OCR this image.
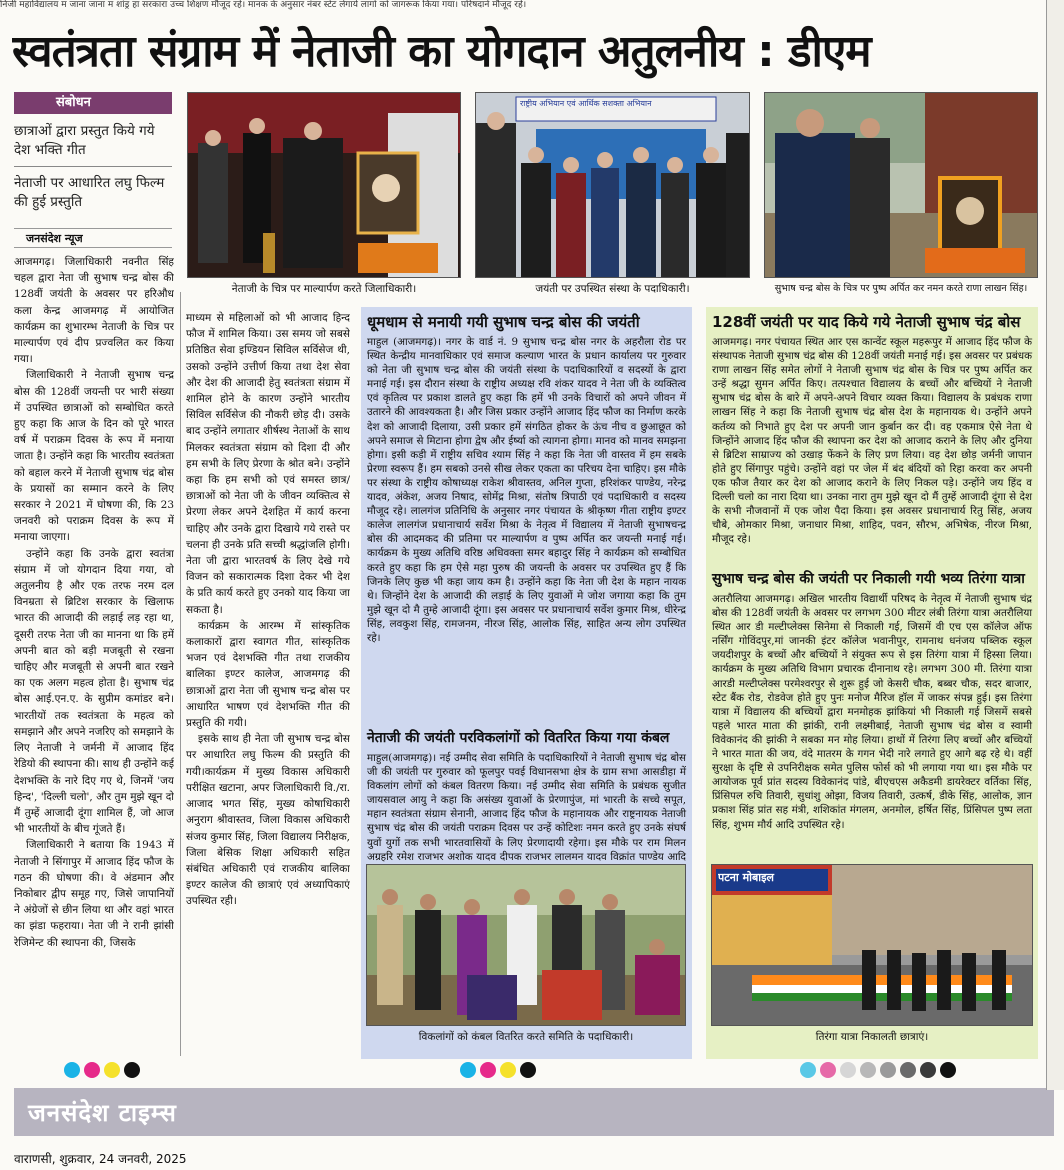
निजी महाविद्यालय म जाना जाना म शांड्र हा सरकारा उच्च शिक्षण मौजूद रहे। मानक के अनुसार नंबर स्टेट लेगाये लागो को जागरूक किया गया। परिषदाने मौजूद रहे।
स्वतंत्रता संग्राम में नेताजी का योगदान अतुलनीय : डीएम
संबोधन
छात्राओं द्वारा प्रस्तुत किये गये देश भक्ति गीत
नेताजी पर आधारित लघु फिल्म की हुई प्रस्तुति
जनसंदेश न्यूज

आजमगढ़। जिलाधिकारी नवनीत सिंह चहल द्वारा नेता जी सुभाष चन्द्र बोस की 128वीं जयंती के अवसर पर हरिऔध कला केन्द्र आजमगढ़ में आयोजित कार्यक्रम का शुभारम्भ नेताजी के चित्र पर माल्यार्पण एवं दीप प्रज्वलित कर किया गया।

जिलाधिकारी ने नेताजी सुभाष चन्द्र बोस की 128वीं जयन्ती पर भारी संख्या में उपस्थित छात्राओं को सम्बोधित करते हुए कहा कि आज के दिन को पूरे भारत वर्ष में पराक्रम दिवस के रूप में मनाया जाता है। उन्होंने कहा कि भारतीय स्वतंत्रता को बहाल करने में नेताजी सुभाष चंद्र बोस के प्रयासों का सम्मान करने के लिए सरकार ने 2021 में घोषणा की, कि 23 जनवरी को पराक्रम दिवस के रूप में मनाया जाएगा।

उन्होंने कहा कि उनके द्वारा स्वतंत्रा संग्राम में जो योगदान दिया गया, वो अतुलनीय है और एक तरफ नरम दल विनम्रता से ब्रिटिश सरकार के खिलाफ भारत की आजादी की लड़ाई लड़ रहा था, दूसरी तरफ नेता जी का मानना था कि हमें अपनी बात को बड़ी मजबूती से रखना चाहिए और मजबूती से अपनी बात रखने का एक अलग महत्व होता है। सुभाष चंद्र बोस आई.एन.ए. के सुप्रीम कमांडर बने। भारतीयों तक स्वतंत्रता के महत्व को समझाने और अपने नजरिए को समझाने के लिए नेताजी ने जर्मनी में आजाद हिंद रेडियो की स्थापना की। साथ ही उन्होंने कई देशभक्ति के नारे दिए गए थे, जिनमें 'जय हिन्द', 'दिल्ली चलो', और तुम मुझे खून दो मैं तुम्हें आजादी दूंगा शामिल हैं, जो आज भी भारतीयों के बीच गूंजते हैं।

जिलाधिकारी ने बताया कि 1943 में नेताजी ने सिंगापुर में आजाद हिंद फौज के गठन की घोषणा की। वे अंडमान और निकोबार द्वीप समूह गए, जिसे जापानियों ने अंग्रेजों से छीन लिया था और वहां भारत का झंडा फहराया। नेता जी ने रानी झांसी रेजिमेन्ट की स्थापना की, जिसके

माध्यम से महिलाओं को भी आजाद हिन्द फौज में शामिल किया। उस समय जो सबसे प्रतिष्ठित सेवा इण्डियन सिविल सर्विसेज थी, उसको उन्होंने उत्तीर्ण किया तथा देश सेवा और देश की आजादी हेतु स्वतंत्रता संग्राम में शामिल होने के कारण उन्होंने भारतीय सिविल सर्विसेज की नौकरी छोड़ दी। उसके बाद उन्होंने लगातार शीर्षस्थ नेताओं के साथ मिलकर स्वतंत्रता संग्राम को दिशा दी और हम सभी के लिए प्रेरणा के श्रोत बने। उन्होंने कहा कि हम सभी को एवं समस्त छात्र/छात्राओं को नेता जी के जीवन व्यक्तित्व से प्रेरणा लेकर अपने देशहित में कार्य करना चाहिए और उनके द्वारा दिखाये गये रास्ते पर चलना ही उनके प्रति सच्ची श्रद्धांजलि होगी। नेता जी द्वारा भारतवर्ष के लिए देखे गये विजन को सकारात्मक दिशा देकर भी देश के प्रति कार्य करते हुए उनको याद किया जा सकता है।

कार्यक्रम के आरम्भ में सांस्कृतिक कलाकारों द्वारा स्वागत गीत, सांस्कृतिक भजन एवं देशभक्ति गीत तथा राजकीय बालिका इण्टर कालेज, आजमगढ़ की छात्राओं द्वारा नेता जी सुभाष चन्द्र बोस पर आधारित भाषण एवं देशभक्ति गीत की प्रस्तुति की गयी।

इसके साथ ही नेता जी सुभाष चन्द्र बोस पर आधारित लघु फिल्म की प्रस्तुति की गयी।कार्यक्रम में मुख्य विकास अधिकारी परीक्षित खटाना, अपर जिलाधिकारी वि./रा. आजाद भगत सिंह, मुख्य कोषाधिकारी अनुराग श्रीवास्तव, जिला विकास अधिकारी संजय कुमार सिंह, जिला विद्यालय निरीक्षक, जिला बेसिक शिक्षा अधिकारी सहित संबंधित अधिकारी एवं राजकीय बालिका इण्टर कालेज की छात्राएं एवं अध्यापिकाएं उपस्थित रही।

नेताजी के चित्र पर माल्यार्पण करते जिलाधिकारी।
राष्ट्रीय अभियान एवं आर्थिक सशक्ता अभियान
जयंती पर उपस्थित संस्था के पदाधिकारी।	सुभाष चन्द्र बोस के चित्र पर पुष्प अर्पित कर नमन करते राणा लाखन सिंह।
धूमधाम से मनायी गयी सुभाष चन्द्र बोस की जयंती
माहुल (आजमगढ़)। नगर के वार्ड नं. 9 सुभाष चन्द्र बोस नगर के अहरौला रोड पर स्थित केन्द्रीय मानवाधिकार एवं समाज कल्याण भारत के प्रधान कार्यालय पर गुरुवार को नेता जी सुभाष चन्द्र बोस की जयंती संस्था के पदाधिकारियों व सदस्यों के द्वारा मनाई गई। इस दौरान संस्था के राष्ट्रीय अध्यक्ष रवि शंकर यादव ने नेता जी के व्यक्तित्व एवं कृतित्व पर प्रकाश डालते हुए कहा कि हमें भी उनके विचारों को अपने जीवन में उतारने की आवश्यकता है। और जिस प्रकार उन्होंने आजाद हिंद फौज का निर्माण करके देश को आजादी दिलाया, उसी प्रकार हमें संगठित होकर के ऊंच नीच व छुआछूत को अपने समाज से मिटाना होगा द्वेष और ईर्ष्या को त्यागना होगा। मानव को मानव समझना होगा। इसी कड़ी में राष्ट्रीय सचिव श्याम सिंह ने कहा कि नेता जी वास्तव में हम सबके प्रेरणा स्वरूप हैं। हम सबको उनसे सीख लेकर एकता का परिचय देना चाहिए। इस मौके पर संस्था के राष्ट्रीय कोषाध्यक्ष राकेश श्रीवास्तव, अनिल गुप्ता, हरिशंकर पाण्डेय, नरेन्द्र यादव, अंकेश, अजय निषाद, सोमेंद्र मिश्रा, संतोष त्रिपाठी एवं पदाधिकारी व सदस्य मौजूद रहे। लालगंज प्रतिनिधि के अनुसार नगर पंचायत के श्रीकृष्ण गीता राष्ट्रीय इण्टर कालेज लालगंज प्रधानाचार्य सर्वेश मिश्रा के नेतृत्व में विद्यालय में नेताजी सुभाषचन्द्र बोस की आदमकद की प्रतिमा पर माल्यार्पण व पुष्प अर्पित कर जयन्ती मनाई गई। कार्यक्रम के मुख्य अतिथि वरिष्ठ अधिवक्ता समर बहादुर सिंह ने कार्यक्रम को सम्बोधित करते हुए कहा कि हम ऐसे महा पुरुष की जयन्ती के अवसर पर उपस्थित हुए हैं कि जिनके लिए कुछ भी कहा जाय कम है। उन्होंने कहा कि नेता जी देश के महान नायक थे। जिन्होंने देश के आजादी की लड़ाई के लिए युवाओं मे जोश जगाया कहा कि तुम मुझे खून दो मै तुम्हे आजादी दूंगा। इस अवसर पर प्रधानाचार्य सर्वेश कुमार मिश्र, धीरेन्द्र सिंह, लवकुश सिंह, रामजनम, नीरज सिंह, आलोक सिंह, साहित अन्य लोग उपस्थित रहे।
नेताजी की जयंती परविकलांगों को वितरित किया गया कंबल
माहुल(आजमगढ़)। नई उम्मीद सेवा समिति के पदाधिकारियों ने नेताजी सुभाष चंद्र बोस जी की जयंती पर गुरुवार को फूलपुर पवई विधानसभा क्षेत्र के ग्राम सभा आसडीहा में विकलांग लोगों को कंबल वितरण किया। नई उम्मीद सेवा समिति के प्रबंधक सुजीत जायसवाल आयु ने कहा कि असंख्य युवाओं के प्रेरणापुंज, मां भारती के सच्चे सपूत, महान स्वतंत्रता संग्राम सेनानी, आजाद हिंद फौज के महानायक और राष्ट्रनायक नेताजी सुभाष चंद्र बोस की जयंती पराक्रम दिवस पर उन्हें कोटिशः नमन करते हुए उनके संघर्ष युवों युगों तक सभी भारतवासियों के लिए प्रेरणादायी रहेगा। इस मौके पर राम मिलन अग्रहरि रमेश राजभर अशोक यादव दीपक राजभर लालमन यादव विक्रांत पाण्डेय आदि
विकलांगों को कंबल वितरित करते समिति के पदाधिकारी।
128वीं जयंती पर याद किये गये नेताजी सुभाष चंद्र बोस
आजमगढ़। नगर पंचायत स्थित आर एस कान्वेंट स्कूल महरूपुर में आजाद हिंद फौज के संस्थापक नेताजी सुभाष चंद्र बोस की 128वीं जयंती मनाई गई। इस अवसर पर प्रबंधक राणा लाखन सिंह समेत लोगों ने नेताजी सुभाष चंद्र बोस के चित्र पर पुष्प अर्पित कर उन्हें श्रद्धा सुमन अर्पित किए। तत्पश्चात विद्यालय के बच्चों और बच्चियों ने नेताजी सुभाष चंद्र बोस के बारे में अपने-अपने विचार व्यक्त किया। विद्यालय के प्रबंधक राणा लाखन सिंह ने कहा कि नेताजी सुभाष चंद्र बोस देश के महानायक थे। उन्होंने अपने कर्तव्य को निभाते हुए देश पर अपनी जान कुर्बान कर दी। वह एकमात्र ऐसे नेता थे जिन्होंने आजाद हिंद फौज की स्थापना कर देश को आजाद कराने के लिए और दुनिया से ब्रिटिश साम्राज्य को उखाड़ फेंकने के लिए प्रण लिया। वह देश छोड़ जर्मनी जापान होते हुए सिंगापुर पहुंचे। उन्होंने वहां पर जेल में बंद बंदियों को रिहा करवा कर अपनी एक फौज तैयार कर देश को आजाद कराने के लिए निकल पड़े। उन्होंने जय हिंद व दिल्ली चलो का नारा दिया था। उनका नारा तुम मुझे खून दो मैं तुम्हें आजादी दूंगा से देश के सभी नौजवानों में एक जोश पैदा किया। इस अवसर प्रधानाचार्य रितु सिंह, अजय चौबे, ओमकार मिश्रा, जनाधार मिश्रा, शाहिद, पवन, सौरभ, अभिषेक, नीरज मिश्रा, मौजूद रहे।
सुभाष चन्द्र बोस की जयंती पर निकाली गयी भव्य तिरंगा यात्रा
अतरौलिया आजमगढ़। अखिल भारतीय विद्यार्थी परिषद के नेतृत्व में नेताजी सुभाष चंद्र बोस की 128वीं जयंती के अवसर पर लगभग 300 मीटर लंबी तिरंगा यात्रा अतरौलिया स्थित आर डी मल्टीप्लेक्स सिनेमा से निकाली गई, जिसमें वी एच एस कॉलेज ऑफ नर्सिंग गोविंदपुर,मां जानकी इंटर कॉलेज भवानीपुर, रामनाथ धनंजय पब्लिक स्कूल जयदीशपुर के बच्चों और बच्चियों ने संयुक्त रूप से इस तिरंगा यात्रा में हिस्सा लिया। कार्यक्रम के मुख्य अतिथि विभाग प्रचारक दीनानाथ रहे। लगभग 300 मी. तिरंगा यात्रा आरडी मल्टीप्लेक्स परमेश्वरपुर से शुरू हुई जो केसरी चौक, बब्बर चौक, सदर बाजार, स्टेट बैंक रोड, रोडवेज होते हुए पुनः मनोज मैरिज हॉल में जाकर संपन्न हुई। इस तिरंगा यात्रा में विद्यालय की बच्चियों द्वारा मनमोहक झांकियां भी निकाली गई जिसमें सबसे पहले भारत माता की झांकी, रानी लक्ष्मीबाई, नेताजी सुभाष चंद्र बोस व स्वामी विवेकानंद की झांकी ने सबका मन मोह लिया। हाथों में तिरंगा लिए बच्चों और बच्चियों ने भारत माता की जय, वंदे मातरम के गगन भेदी नारे लगाते हुए आगे बढ़ रहे थे। वहीं सुरक्षा के दृष्टि से उपनिरीक्षक समेत पुलिस फोर्स को भी लगाया गया था। इस मौके पर आयोजक पूर्व प्रांत सदस्य विवेकानंद पांडे, बीएचएस अकैडमी डायरेक्टर वर्तिका सिंह, प्रिंसिपल रुचि तिवारी, सुधांशु ओझा, विजय तिवारी, उत्कर्ष, डीके सिंह, आलोक, ज्ञान प्रकाश सिंह प्रांत सह मंत्री, शशिकांत मंगलम, अनमोल, हर्षित सिंह, प्रिंसिपल पुष्प लता सिंह, शुभम मौर्य आदि उपस्थित रहे।
पटना मोबाइल
तिरंगा यात्रा निकालती छात्राएं।
जनसंदेश टाइम्स
वाराणसी, शुक्रवार, 24 जनवरी, 2025
